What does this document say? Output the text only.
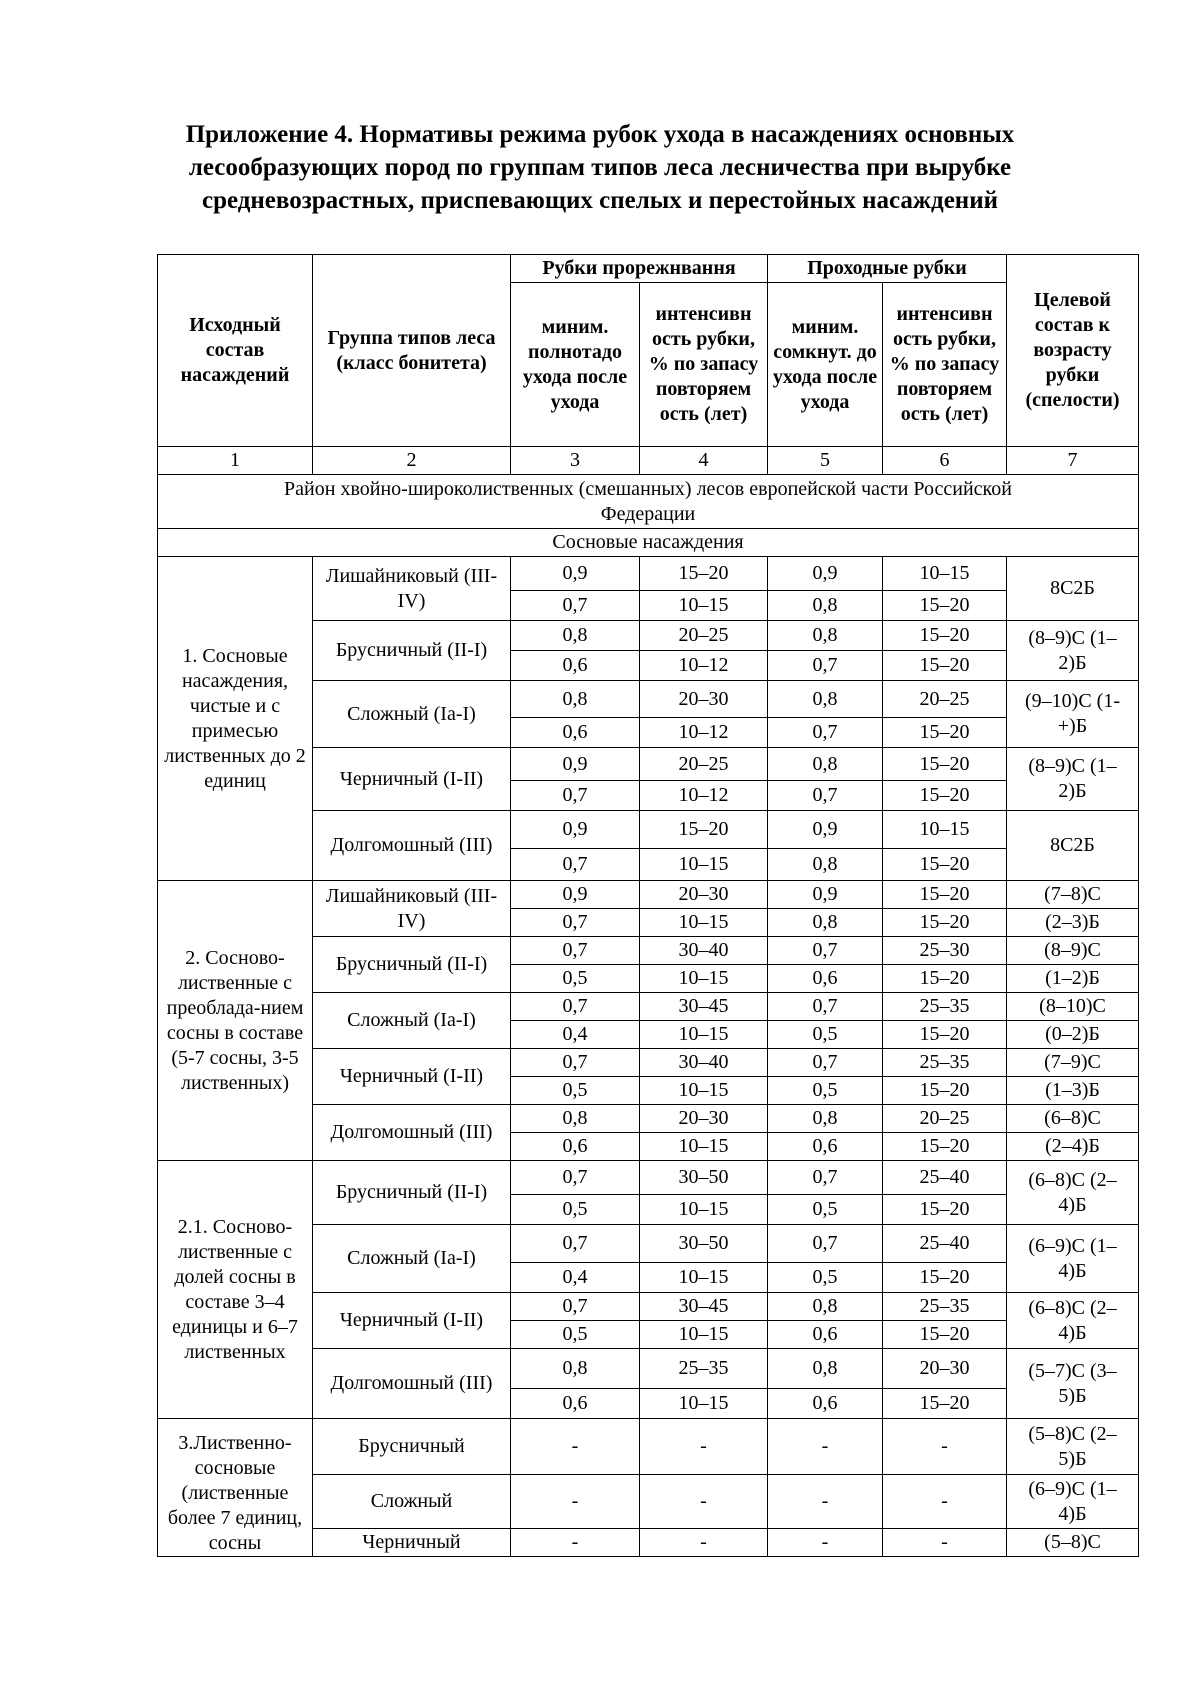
Приложение 4. Нормативы режима рубок ухода в насаждениях основных
лесообразующих пород по группам типов леса лесничества при вырубке
средневозрастных, приспевающих спелых и перестойных насаждений
Исходный состав насаждений	Группа типов леса (класс бонитета)	Рубки прорежнвання		Проходные рубки		Целевой состав к возрасту рубки (спелости)
		миним. полнотадо ухода после ухода	интенсивн ость рубки, % по запасу повторяем ость (лет)	миним. сомкнут. до ухода после ухода	интенсивн ость рубки, % по запасу повторяем ость (лет)	
1	2	3	4	5	6	7
Район хвойно-широколиственных (смешанных) лесов европейской части Российской Федерации						
Сосновые насаждения						
1. Сосновые насаждения, чистые и с примесью лиственных до 2 единиц	Лишайниковый (III-IV)	0,9	15–20	0,9	10–15	8С2Б
		0,7	10–15	0,8	15–20	
	Брусничный (II-I)	0,8	20–25	0,8	15–20	(8–9)С (1–2)Б
		0,6	10–12	0,7	15–20	
	Сложный (Ia-I)	0,8	20–30	0,8	20–25	(9–10)С (1-+)Б
		0,6	10–12	0,7	15–20	
	Черничный (I-II)	0,9	20–25	0,8	15–20	(8–9)С (1–2)Б
		0,7	10–12	0,7	15–20	
	Долгомошный (III)	0,9	15–20	0,9	10–15	8С2Б
		0,7	10–15	0,8	15–20	
2. Сосново-лиственные с преоблада-нием сосны в составе (5-7 сосны, 3-5 лиственных)	Лишайниковый (III-IV)	0,9	20–30	0,9	15–20	(7–8)С
		0,7	10–15	0,8	15–20	(2–3)Б
	Брусничный (II-I)	0,7	30–40	0,7	25–30	(8–9)С
		0,5	10–15	0,6	15–20	(1–2)Б
	Сложный (Ia-I)	0,7	30–45	0,7	25–35	(8–10)С
		0,4	10–15	0,5	15–20	(0–2)Б
	Черничный (I-II)	0,7	30–40	0,7	25–35	(7–9)С
		0,5	10–15	0,5	15–20	(1–3)Б
	Долгомошный (III)	0,8	20–30	0,8	20–25	(6–8)С
		0,6	10–15	0,6	15–20	(2–4)Б
2.1. Сосново-лиственные с долей сосны в составе 3–4 единицы и 6–7 лиственных	Брусничный (II-I)	0,7	30–50	0,7	25–40	(6–8)С (2–4)Б
		0,5	10–15	0,5	15–20	
	Сложный (Ia-I)	0,7	30–50	0,7	25–40	(6–9)С (1–4)Б
		0,4	10–15	0,5	15–20	
	Черничный (I-II)	0,7	30–45	0,8	25–35	(6–8)С (2–4)Б
		0,5	10–15	0,6	15–20	
	Долгомошный (III)	0,8	25–35	0,8	20–30	(5–7)С (3–5)Б
		0,6	10–15	0,6	15–20	
3.Лиственно-сосновые (лиственные более 7 единиц, сосны	Брусничный	-	-	-	-	(5–8)С (2–5)Б
	Сложный	-	-	-	-	(6–9)С (1–4)Б
	Черничный	-	-	-	-	(5–8)С
